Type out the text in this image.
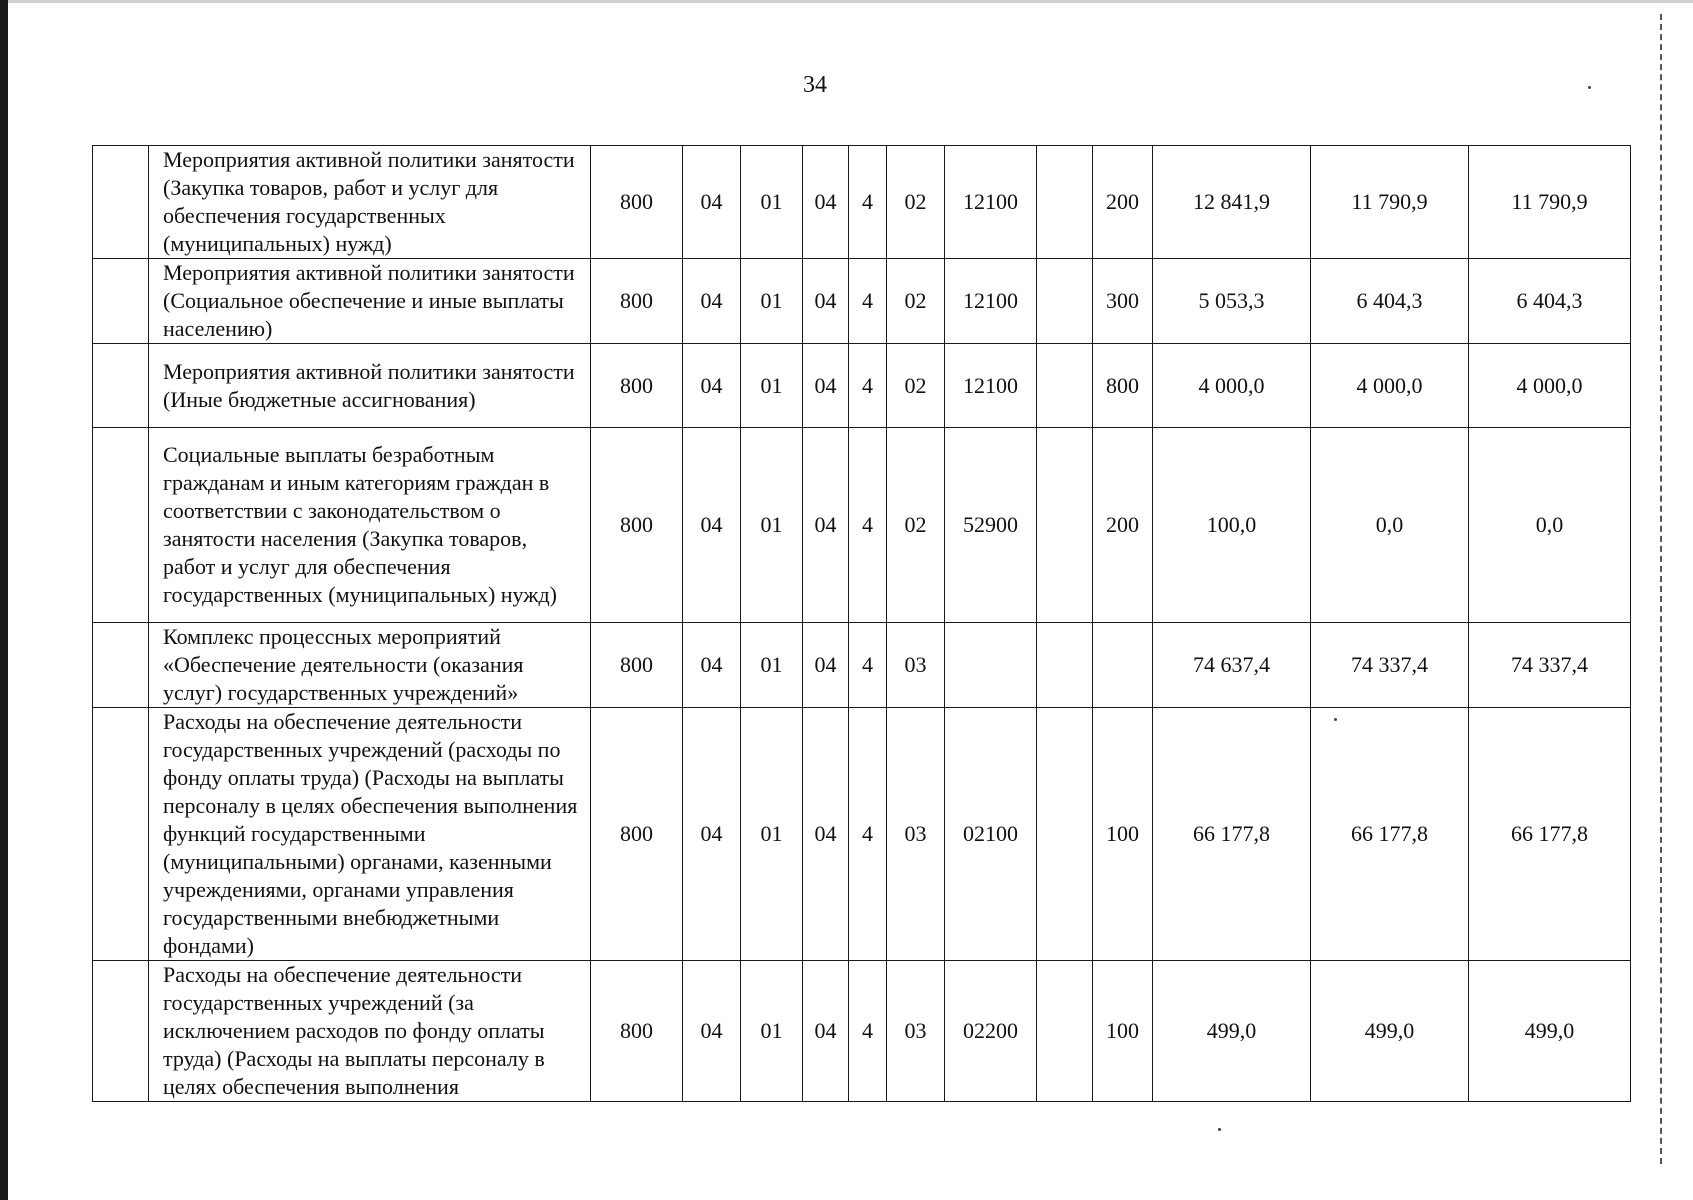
34
	Мероприятия активной политики занятости (Закупка товаров, работ и услуг для обеспечения государственных (муниципальных) нужд)	800	04	01	04	4	02	12100		200	12 841,9	11 790,9	11 790,9
	Мероприятия активной политики занятости (Социальное обеспечение и иные выплаты населению)	800	04	01	04	4	02	12100		300	5 053,3	6 404,3	6 404,3
	Мероприятия активной политики занятости (Иные бюджетные ассигнования)	800	04	01	04	4	02	12100		800	4 000,0	4 000,0	4 000,0
	Социальные выплаты безработным гражданам и иным категориям граждан в соответствии с законодательством о занятости населения (Закупка товаров, работ и услуг для обеспечения государственных (муниципальных) нужд)	800	04	01	04	4	02	52900		200	100,0	0,0	0,0
	Комплекс процессных мероприятий «Обеспечение деятельности (оказания услуг) государственных учреждений»	800	04	01	04	4	03				74 637,4	74 337,4	74 337,4
	Расходы на обеспечение деятельности государственных учреждений (расходы по фонду оплаты труда) (Расходы на выплаты персоналу в целях обеспечения выполнения функций государственными (муниципальными) органами, казенными учреждениями, органами управления государственными внебюджетными фондами)	800	04	01	04	4	03	02100		100	66 177,8	66 177,8	66 177,8
	Расходы на обеспечение деятельности государственных учреждений (за исключением расходов по фонду оплаты труда) (Расходы на выплаты персоналу в целях обеспечения выполнения	800	04	01	04	4	03	02200		100	499,0	499,0	499,0
